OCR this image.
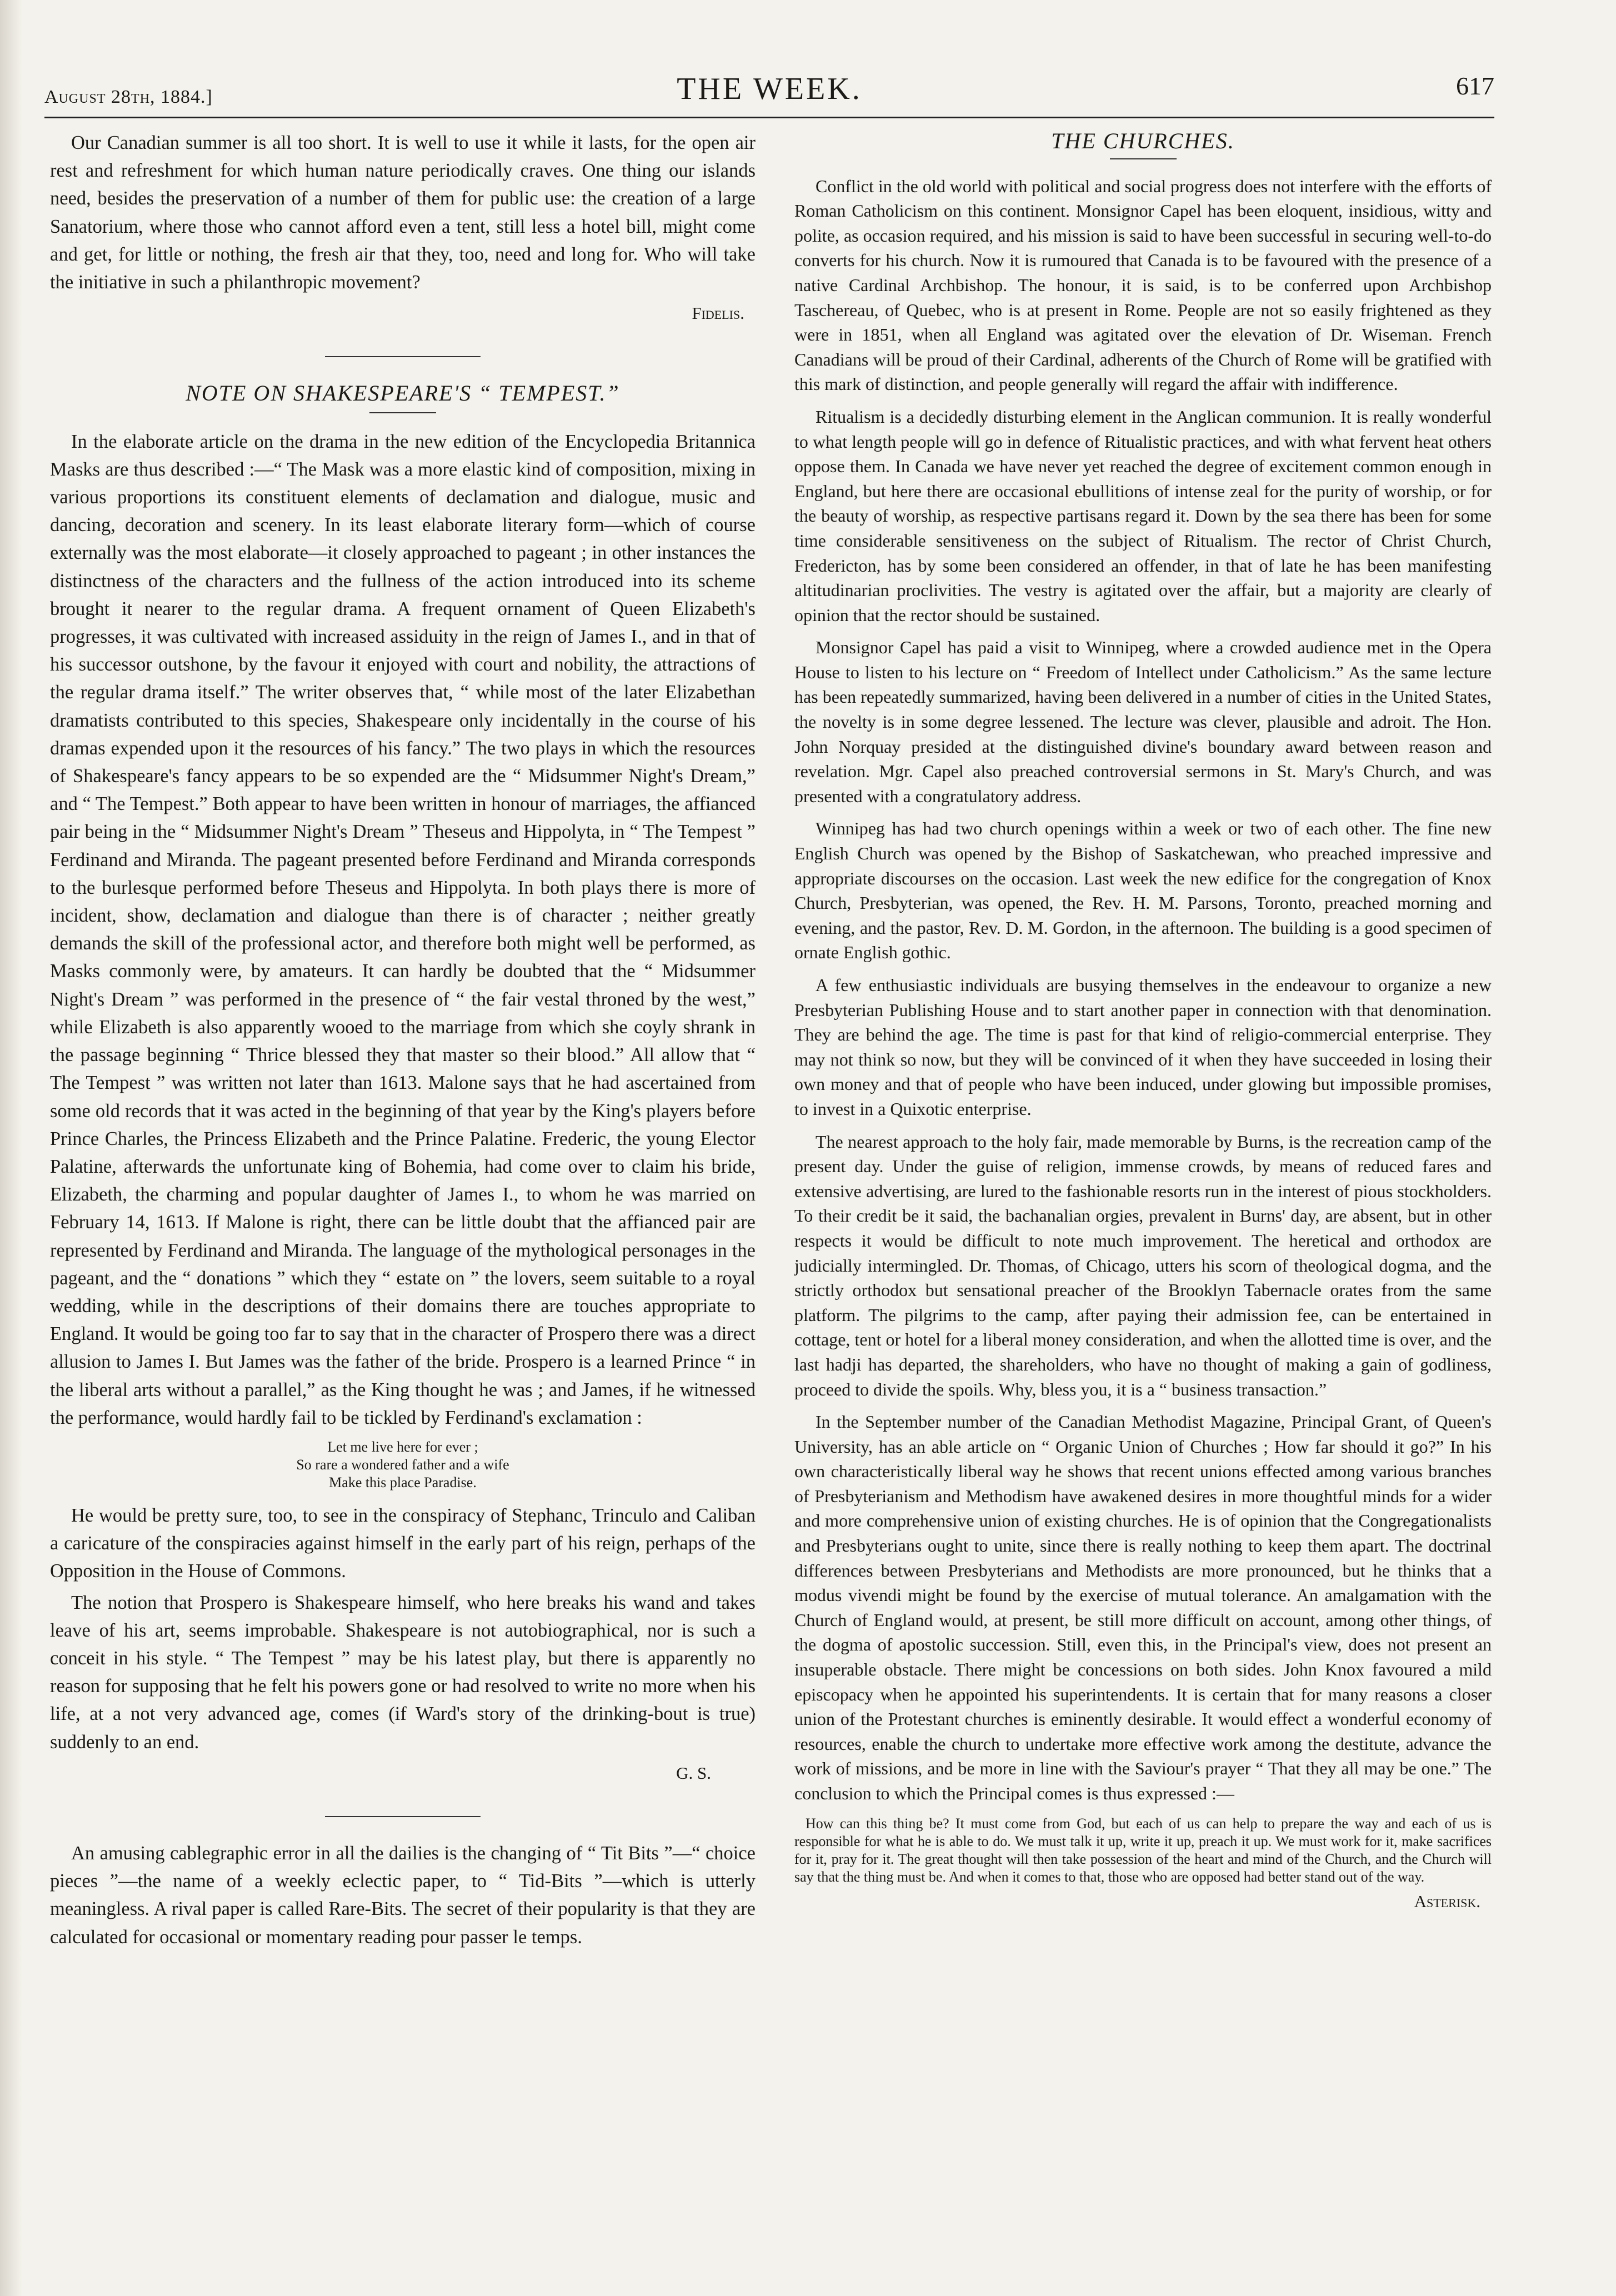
August 28th, 1884.]	THE WEEK.	617

Our Canadian summer is all too short. It is well to use it while it lasts, for the open air rest and refreshment for which human nature periodically craves. One thing our islands need, besides the preservation of a number of them for public use: the creation of a large Sanatorium, where those who cannot afford even a tent, still less a hotel bill, might come and get, for little or nothing, the fresh air that they, too, need and long for. Who will take the initiative in such a philanthropic movement?

Fidelis.
NOTE ON SHAKESPEARE'S “ TEMPEST.”

In the elaborate article on the drama in the new edition of the Encyclopedia Britannica Masks are thus described :—“ The Mask was a more elastic kind of composition, mixing in various proportions its constituent elements of declamation and dialogue, music and dancing, decoration and scenery. In its least elaborate literary form—which of course externally was the most elaborate—it closely approached to pageant ; in other instances the distinctness of the characters and the fullness of the action introduced into its scheme brought it nearer to the regular drama. A frequent ornament of Queen Elizabeth's progresses, it was cultivated with increased assiduity in the reign of James I., and in that of his successor outshone, by the favour it enjoyed with court and nobility, the attractions of the regular drama itself.” The writer observes that, “ while most of the later Elizabethan dramatists contributed to this species, Shakespeare only incidentally in the course of his dramas expended upon it the resources of his fancy.” The two plays in which the resources of Shakespeare's fancy appears to be so expended are the “ Midsummer Night's Dream,” and “ The Tempest.” Both appear to have been written in honour of marriages, the affianced pair being in the “ Midsummer Night's Dream ” Theseus and Hippolyta, in “ The Tempest ” Ferdinand and Miranda. The pageant presented before Ferdinand and Miranda corresponds to the burlesque performed before Theseus and Hippolyta. In both plays there is more of incident, show, declamation and dialogue than there is of character ; neither greatly demands the skill of the professional actor, and therefore both might well be performed, as Masks commonly were, by amateurs. It can hardly be doubted that the “ Midsummer Night's Dream ” was performed in the presence of “ the fair vestal throned by the west,” while Elizabeth is also apparently wooed to the marriage from which she coyly shrank in the passage beginning “ Thrice blessed they that master so their blood.” All allow that “ The Tempest ” was written not later than 1613. Malone says that he had ascertained from some old records that it was acted in the beginning of that year by the King's players before Prince Charles, the Princess Elizabeth and the Prince Palatine. Frederic, the young Elector Palatine, afterwards the unfortunate king of Bohemia, had come over to claim his bride, Elizabeth, the charming and popular daughter of James I., to whom he was married on February 14, 1613. If Malone is right, there can be little doubt that the affianced pair are represented by Ferdinand and Miranda. The language of the mythological personages in the pageant, and the “ donations ” which they “ estate on ” the lovers, seem suitable to a royal wedding, while in the descriptions of their domains there are touches appropriate to England. It would be going too far to say that in the character of Prospero there was a direct allusion to James I. But James was the father of the bride. Prospero is a learned Prince “ in the liberal arts without a parallel,” as the King thought he was ; and James, if he witnessed the performance, would hardly fail to be tickled by Ferdinand's exclamation :

Let me live here for ever ;
So rare a wondered father and a wife
Make this place Paradise.

He would be pretty sure, too, to see in the conspiracy of Stephanc, Trinculo and Caliban a caricature of the conspiracies against himself in the early part of his reign, perhaps of the Opposition in the House of Commons.

The notion that Prospero is Shakespeare himself, who here breaks his wand and takes leave of his art, seems improbable. Shakespeare is not autobiographical, nor is such a conceit in his style. “ The Tempest ” may be his latest play, but there is apparently no reason for supposing that he felt his powers gone or had resolved to write no more when his life, at a not very advanced age, comes (if Ward's story of the drinking-bout is true) suddenly to an end.

G. S.

An amusing cablegraphic error in all the dailies is the changing of “ Tit Bits ”—“ choice pieces ”—the name of a weekly eclectic paper, to “ Tid-Bits ”—which is utterly meaningless. A rival paper is called Rare-Bits. The secret of their popularity is that they are calculated for occasional or momentary reading pour passer le temps.

THE CHURCHES.

Conflict in the old world with political and social progress does not interfere with the efforts of Roman Catholicism on this continent. Monsignor Capel has been eloquent, insidious, witty and polite, as occasion required, and his mission is said to have been successful in securing well-to-do converts for his church. Now it is rumoured that Canada is to be favoured with the presence of a native Cardinal Archbishop. The honour, it is said, is to be conferred upon Archbishop Taschereau, of Quebec, who is at present in Rome. People are not so easily frightened as they were in 1851, when all England was agitated over the elevation of Dr. Wiseman. French Canadians will be proud of their Cardinal, adherents of the Church of Rome will be gratified with this mark of distinction, and people generally will regard the affair with indifference.

Ritualism is a decidedly disturbing element in the Anglican communion. It is really wonderful to what length people will go in defence of Ritualistic practices, and with what fervent heat others oppose them. In Canada we have never yet reached the degree of excitement common enough in England, but here there are occasional ebullitions of intense zeal for the purity of worship, or for the beauty of worship, as respective partisans regard it. Down by the sea there has been for some time considerable sensitiveness on the subject of Ritualism. The rector of Christ Church, Fredericton, has by some been considered an offender, in that of late he has been manifesting altitudinarian proclivities. The vestry is agitated over the affair, but a majority are clearly of opinion that the rector should be sustained.

Monsignor Capel has paid a visit to Winnipeg, where a crowded audience met in the Opera House to listen to his lecture on “ Freedom of Intellect under Catholicism.” As the same lecture has been repeatedly summarized, having been delivered in a number of cities in the United States, the novelty is in some degree lessened. The lecture was clever, plausible and adroit. The Hon. John Norquay presided at the distinguished divine's boundary award between reason and revelation. Mgr. Capel also preached controversial sermons in St. Mary's Church, and was presented with a congratulatory address.

Winnipeg has had two church openings within a week or two of each other. The fine new English Church was opened by the Bishop of Saskatchewan, who preached impressive and appropriate discourses on the occasion. Last week the new edifice for the congregation of Knox Church, Presbyterian, was opened, the Rev. H. M. Parsons, Toronto, preached morning and evening, and the pastor, Rev. D. M. Gordon, in the afternoon. The building is a good specimen of ornate English gothic.

A few enthusiastic individuals are busying themselves in the endeavour to organize a new Presbyterian Publishing House and to start another paper in connection with that denomination. They are behind the age. The time is past for that kind of religio-commercial enterprise. They may not think so now, but they will be convinced of it when they have succeeded in losing their own money and that of people who have been induced, under glowing but impossible promises, to invest in a Quixotic enterprise.

The nearest approach to the holy fair, made memorable by Burns, is the recreation camp of the present day. Under the guise of religion, immense crowds, by means of reduced fares and extensive advertising, are lured to the fashionable resorts run in the interest of pious stockholders. To their credit be it said, the bachanalian orgies, prevalent in Burns' day, are absent, but in other respects it would be difficult to note much improvement. The heretical and orthodox are judicially intermingled. Dr. Thomas, of Chicago, utters his scorn of theological dogma, and the strictly orthodox but sensational preacher of the Brooklyn Tabernacle orates from the same platform. The pilgrims to the camp, after paying their admission fee, can be entertained in cottage, tent or hotel for a liberal money consideration, and when the allotted time is over, and the last hadji has departed, the shareholders, who have no thought of making a gain of godliness, proceed to divide the spoils. Why, bless you, it is a “ business transaction.”

In the September number of the Canadian Methodist Magazine, Principal Grant, of Queen's University, has an able article on “ Organic Union of Churches ; How far should it go?” In his own characteristically liberal way he shows that recent unions effected among various branches of Presbyterianism and Methodism have awakened desires in more thoughtful minds for a wider and more comprehensive union of existing churches. He is of opinion that the Congregationalists and Presbyterians ought to unite, since there is really nothing to keep them apart. The doctrinal differences between Presbyterians and Methodists are more pronounced, but he thinks that a modus vivendi might be found by the exercise of mutual tolerance. An amalgamation with the Church of England would, at present, be still more difficult on account, among other things, of the dogma of apostolic succession. Still, even this, in the Principal's view, does not present an insuperable obstacle. There might be concessions on both sides. John Knox favoured a mild episcopacy when he appointed his superintendents. It is certain that for many reasons a closer union of the Protestant churches is eminently desirable. It would effect a wonderful economy of resources, enable the church to undertake more effective work among the destitute, advance the work of missions, and be more in line with the Saviour's prayer “ That they all may be one.” The conclusion to which the Principal comes is thus expressed :—

How can this thing be? It must come from God, but each of us can help to prepare the way and each of us is responsible for what he is able to do. We must talk it up, write it up, preach it up. We must work for it, make sacrifices for it, pray for it. The great thought will then take possession of the heart and mind of the Church, and the Church will say that the thing must be. And when it comes to that, those who are opposed had better stand out of the way.
Asterisk.
